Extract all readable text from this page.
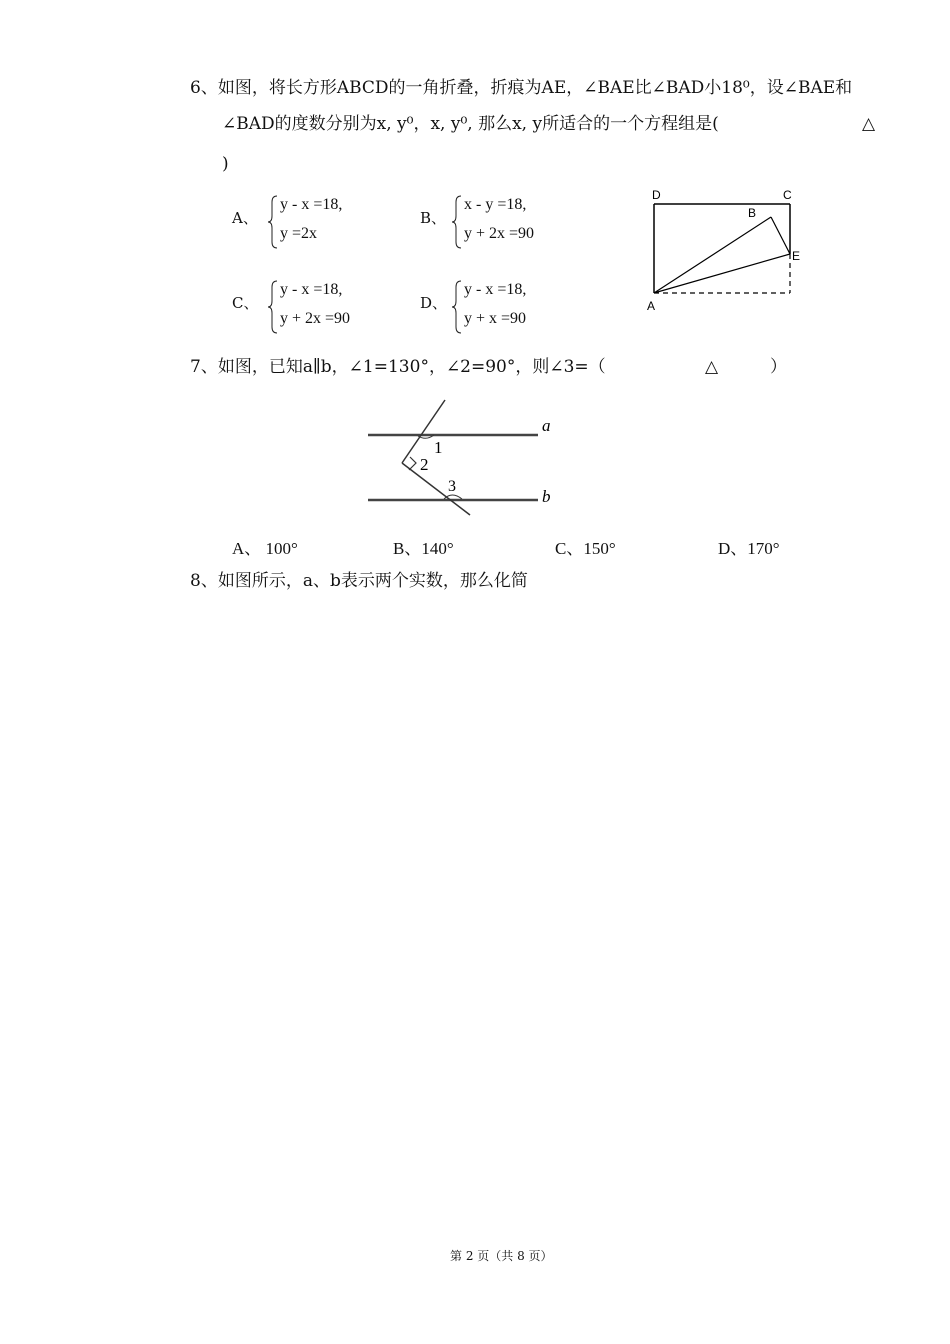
6、如图，将长方形ABCD的一角折叠，折痕为AE，∠BAE比∠BAD小18⁰，设∠BAE和
∠BAD的度数分别为x, y⁰，x, y⁰, 那么x, y所适合的一个方程组是(	△
)
A、
y - x =18,
y =2x
B、
x - y =18,
y + 2x =90
C、
y - x =18,
y + 2x =90
D、
y - x =18,
y + x =90
D	C
B
E
A
7、如图，已知a∥b，∠1=130°，∠2=90°，则∠3=（	△	）
1
2
3
a
b
A、 100°	B、140°	C、150°	D、170°
8、如图所示，a、b表示两个实数，那么化简
第 2 页（共 8 页）
